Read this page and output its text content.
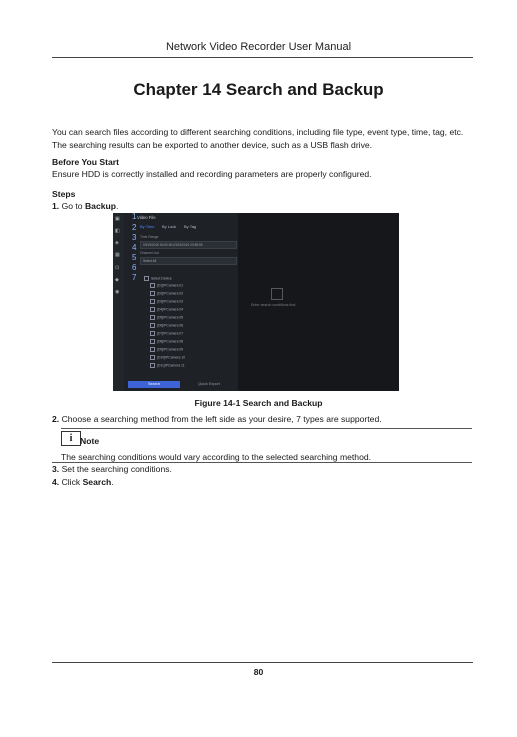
Network Video Recorder User Manual
Chapter 14 Search and Backup
You can search files according to different searching conditions, including file type, event type, time, tag, etc. The searching results can be exported to another device, such as a USB flash drive.
Before You Start
Ensure HDD is correctly installed and recording parameters are properly configured.
Steps
1. Go to Backup.
▣
◧
◈
▦
⊡
◆
◉
1 Video File
2 By Time By Lock By Tag
3 Time Range
4 03/19/2019 00:00:00-03/19/2019 23:59:59
Channel List
5 Select All
6
7	Select Device
[D1]IPCamera 01
[D2]IPCamera 02
[D3]IPCamera 03
[D4]IPCamera 04
[D5]IPCamera 05
[D6]IPCamera 06
[D7]IPCamera 07
[D8]IPCamera 08
[D9]IPCamera 09
[D10]IPCamera 10
[D11]IPCamera 11
Search	Quick Export
Enter search conditions first.
Figure 14-1 Search and Backup
2. Choose a searching method from the left side as your desire, 7 types are supported.
i Note
The searching conditions would vary according to the selected searching method.
3. Set the searching conditions.
4. Click Search.
80
